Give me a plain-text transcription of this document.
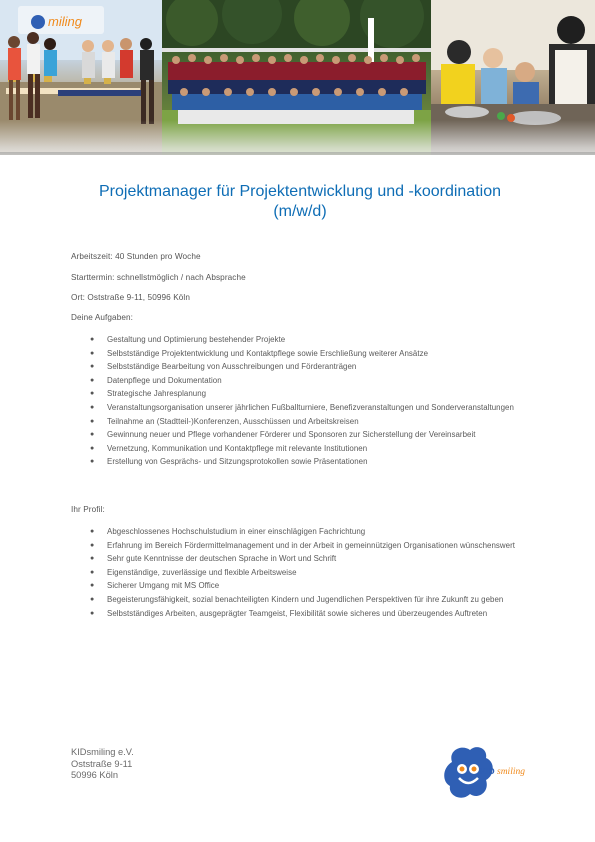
miling
Projektmanager für Projektentwicklung und -koordination
(m/w/d)
Arbeitszeit: 40 Stunden pro Woche
Starttermin: schnellstmöglich / nach Absprache
Ort: Oststraße 9-11, 50996 Köln
Deine Aufgaben:
● Gestaltung und Optimierung bestehender Projekte
● Selbstständige Projektentwicklung und Kontaktpflege sowie Erschließung weiterer Ansätze
● Selbstständige Bearbeitung von Ausschreibungen und Förderanträgen
● Datenpflege und Dokumentation
● Strategische Jahresplanung
● Veranstaltungsorganisation unserer jährlichen Fußballturniere, Benefizveranstaltungen und Sonderveranstaltungen
● Teilnahme an (Stadtteil-)Konferenzen, Ausschüssen und Arbeitskreisen
● Gewinnung neuer und Pflege vorhandener Förderer und Sponsoren zur Sicherstellung der Vereinsarbeit
● Vernetzung, Kommunikation und Kontaktpflege mit relevante Institutionen
● Erstellung von Gesprächs- und Sitzungsprotokollen sowie Präsentationen
Ihr Profil:
● Abgeschlossenes Hochschulstudium in einer einschlägigen Fachrichtung
● Erfahrung im Bereich Fördermittelmanagement und in der Arbeit in gemeinnützigen Organisationen wünschenswert
● Sehr gute Kenntnisse der deutschen Sprache in Wort und Schrift
● Eigenständige, zuverlässige und flexible Arbeitsweise
● Sicherer Umgang mit MS Office
● Begeisterungsfähigkeit, sozial benachteiligten Kindern und Jugendlichen Perspektiven für ihre Zukunft zu geben
● Selbstständiges Arbeiten, ausgeprägter Teamgeist, Flexibilität sowie sicheres und überzeugendes Auftreten
KIDsmiling e.V.
Oststraße 9-11
50996 Köln	KID smiling
